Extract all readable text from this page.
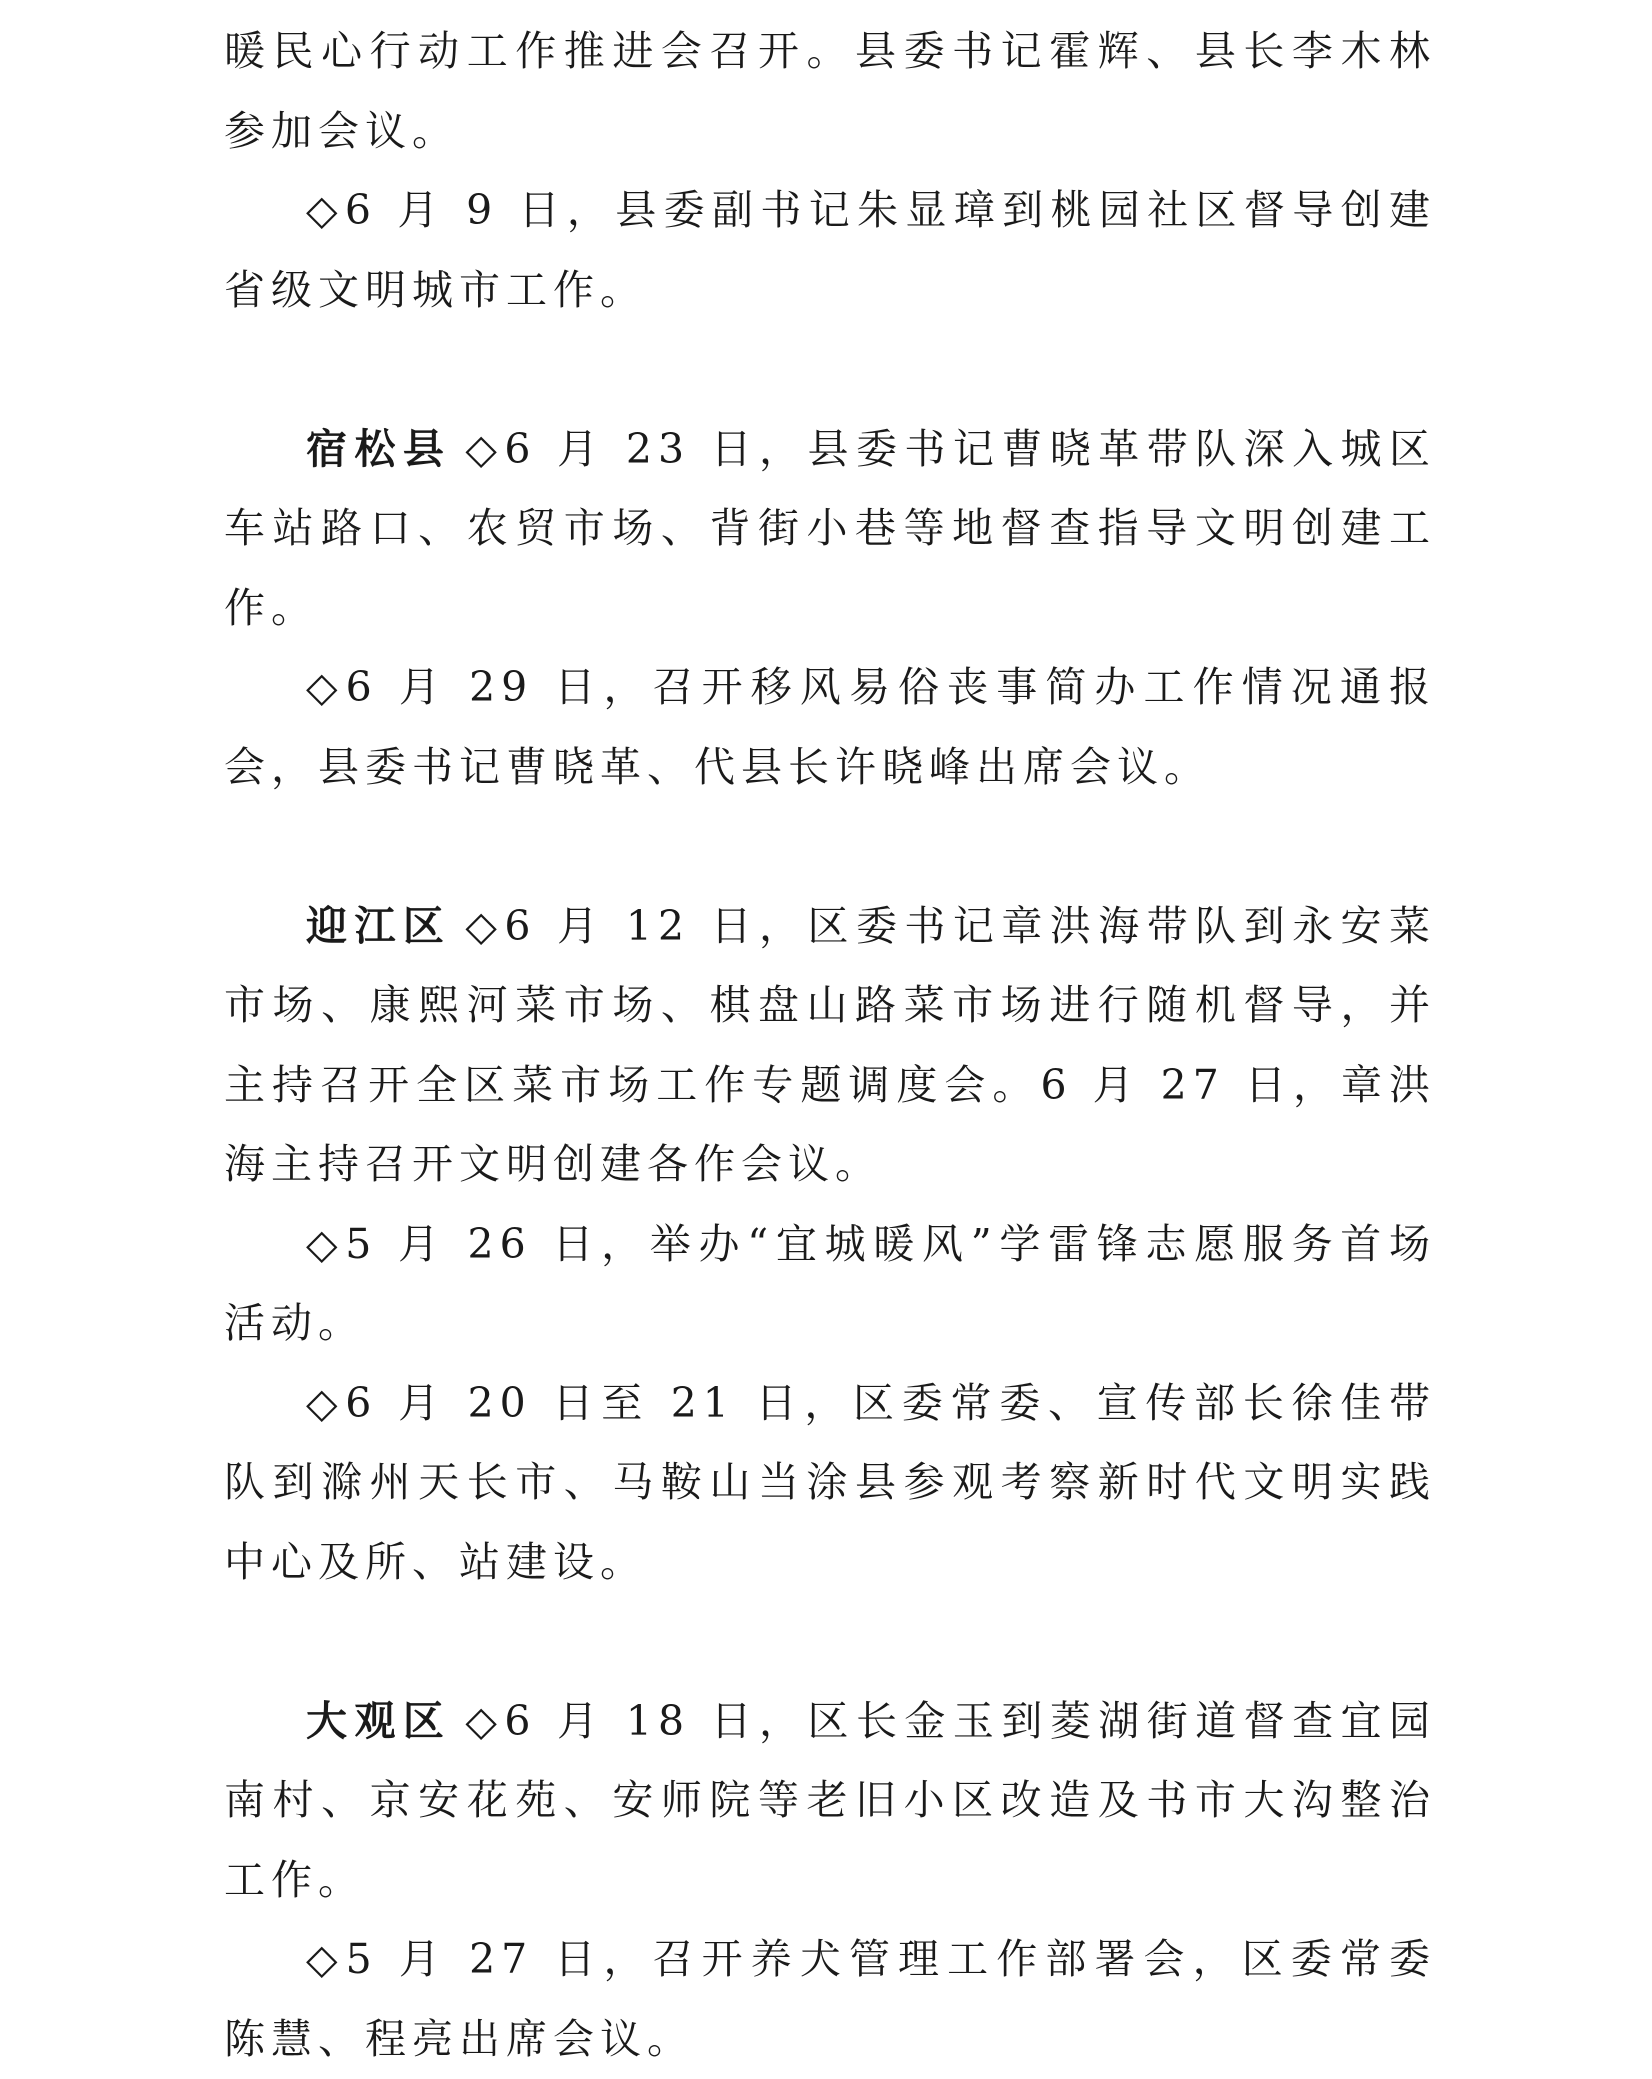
暖民心行动工作推进会召开。县委书记霍辉、县长李木林参加会议。

◇6 月 9 日，县委副书记朱显璋到桃园社区督导创建省级文明城市工作。

宿松县 ◇6 月 23 日，县委书记曹晓革带队深入城区车站路口、农贸市场、背街小巷等地督查指导文明创建工作。

◇6 月 29 日，召开移风易俗丧事简办工作情况通报会，县委书记曹晓革、代县长许晓峰出席会议。

迎江区 ◇6 月 12 日，区委书记章洪海带队到永安菜市场、康熙河菜市场、棋盘山路菜市场进行随机督导，并主持召开全区菜市场工作专题调度会。6 月 27 日，章洪海主持召开文明创建各作会议。

◇5 月 26 日，举办“宜城暖风”学雷锋志愿服务首场活动。

◇6 月 20 日至 21 日，区委常委、宣传部长徐佳带队到滁州天长市、马鞍山当涂县参观考察新时代文明实践中心及所、站建设。

大观区 ◇6 月 18 日，区长金玉到菱湖街道督查宜园南村、京安花苑、安师院等老旧小区改造及书市大沟整治工作。

◇5 月 27 日，召开养犬管理工作部署会，区委常委陈慧、程亮出席会议。
